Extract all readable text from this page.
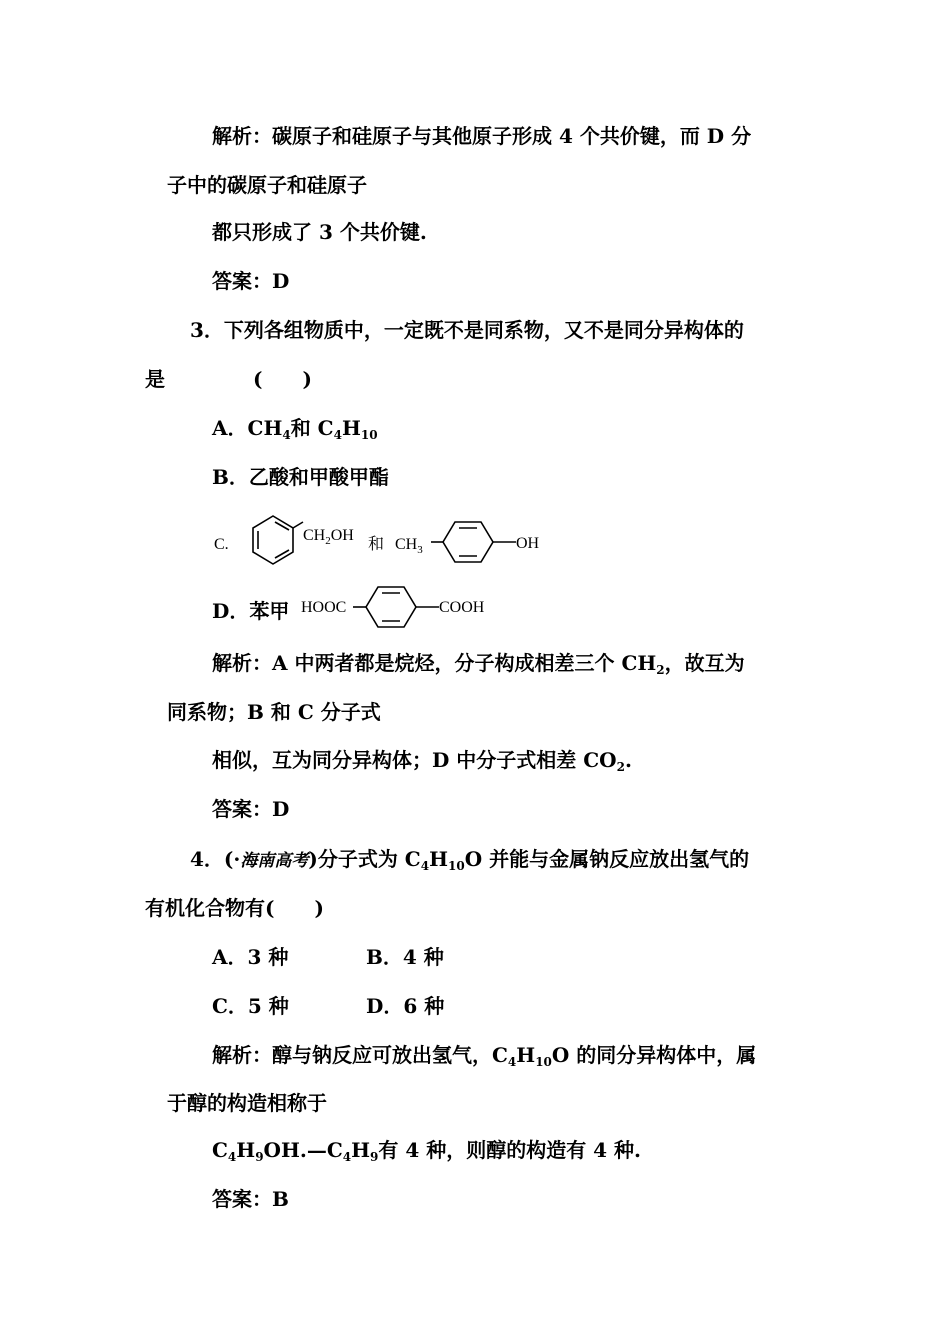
解析：碳原子和硅原子与其他原子形成 4 个共价键，而 D 分
子中的碳原子和硅原子
都只形成了 3 个共价键.
答案：D
3．下列各组物质中，一定既不是同系物，又不是同分异构体的
是	(　　)
A．$CH_4$和 $C_4H_{10}$
B．乙酸和甲酸甲酯
C.
$CH_2OH$
和 $CH_3$	OH
D．苯甲 HOOC	COOH
解析：A 中两者都是烷烃，分子构成相差三个 $CH_2$，故互为
同系物；B 和 C 分子式
相似，互为同分异构体；D 中分子式相差 $CO_2$.
答案：D
4．(·海南高考)分子式为 $C_4H_{10}O$ 并能与金属钠反应放出氢气的
有机化合物有(　　)
A．3 种	B．4 种
C．5 种	D．6 种
解析：醇与钠反应可放出氢气，$C_4H_{10}O$ 的同分异构体中，属
于醇的构造相称于
$C_4H_9OH.—C_4H_9$有 4 种，则醇的构造有 4 种.
答案：B
